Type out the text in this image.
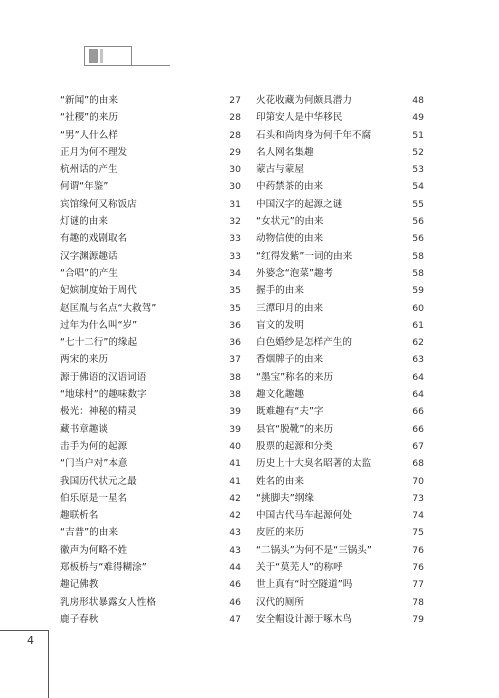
“新闻”的由来	27
“社稷”的来历	28
“男”人什么样	28
正月为何不理发	29
杭州话的产生	30
何谓“年鉴”	30
宾馆缘何又称饭店	31
灯谜的由来	32
有趣的戏剧取名	33
汉字渊源趣话	33
“合唱”的产生	34
妃嫔制度始于周代	35
赵匡胤与名点“大救驾”	35
过年为什么叫“岁”	36
“七十二行”的缘起	36
两宋的来历	37
源于佛语的汉语词语	38
“地球村”的趣味数字	38
极光：神秘的精灵	39
藏书章趣谈	39
击手为何的起源	40
“门当户对”本意	41
我国历代状元之最	41
伯乐原是一星名	42
趣联析名	42
“吉普”的由来	43
徽声为何略不姓	43
郑板桥与“难得糊涂”	44
趣记佛教	46
乳房形状暴露女人性格	46
鹿子春秋	47
火花收藏为何颇具潜力	48
印第安人是中华移民	49
石头和尚肉身为何千年不腐	51
名人网名集趣	52
蒙古与蒙屋	53
中药禁茶的由来	54
中国汉字的起源之谜	55
“女状元”的由来	56
动物信使的由来	56
“红得发紫”一词的由来	58
外婆念“泡菜”趣考	58
握手的由来	59
三潭印月的由来	60
盲文的发明	61
白色婚纱是怎样产生的	62
香烟牌子的由来	63
“墨宝”称名的来历	64
趣文化趣趣	64
既难趣有“夫”字	66
县官“脱靴”的来历	66
股票的起源和分类	67
历史上十大臭名昭著的太监	68
姓名的由来	70
“挑脚夫”纲缘	73
中国古代马车起源何处	74
皮匠的来历	75
“二锅头”为何不是“三锅头”	76
关于“莫芜人”的称呼	76
世上真有“时空隧道”吗	77
汉代的厕所	78
安全帽设计源于啄木鸟	79
4
